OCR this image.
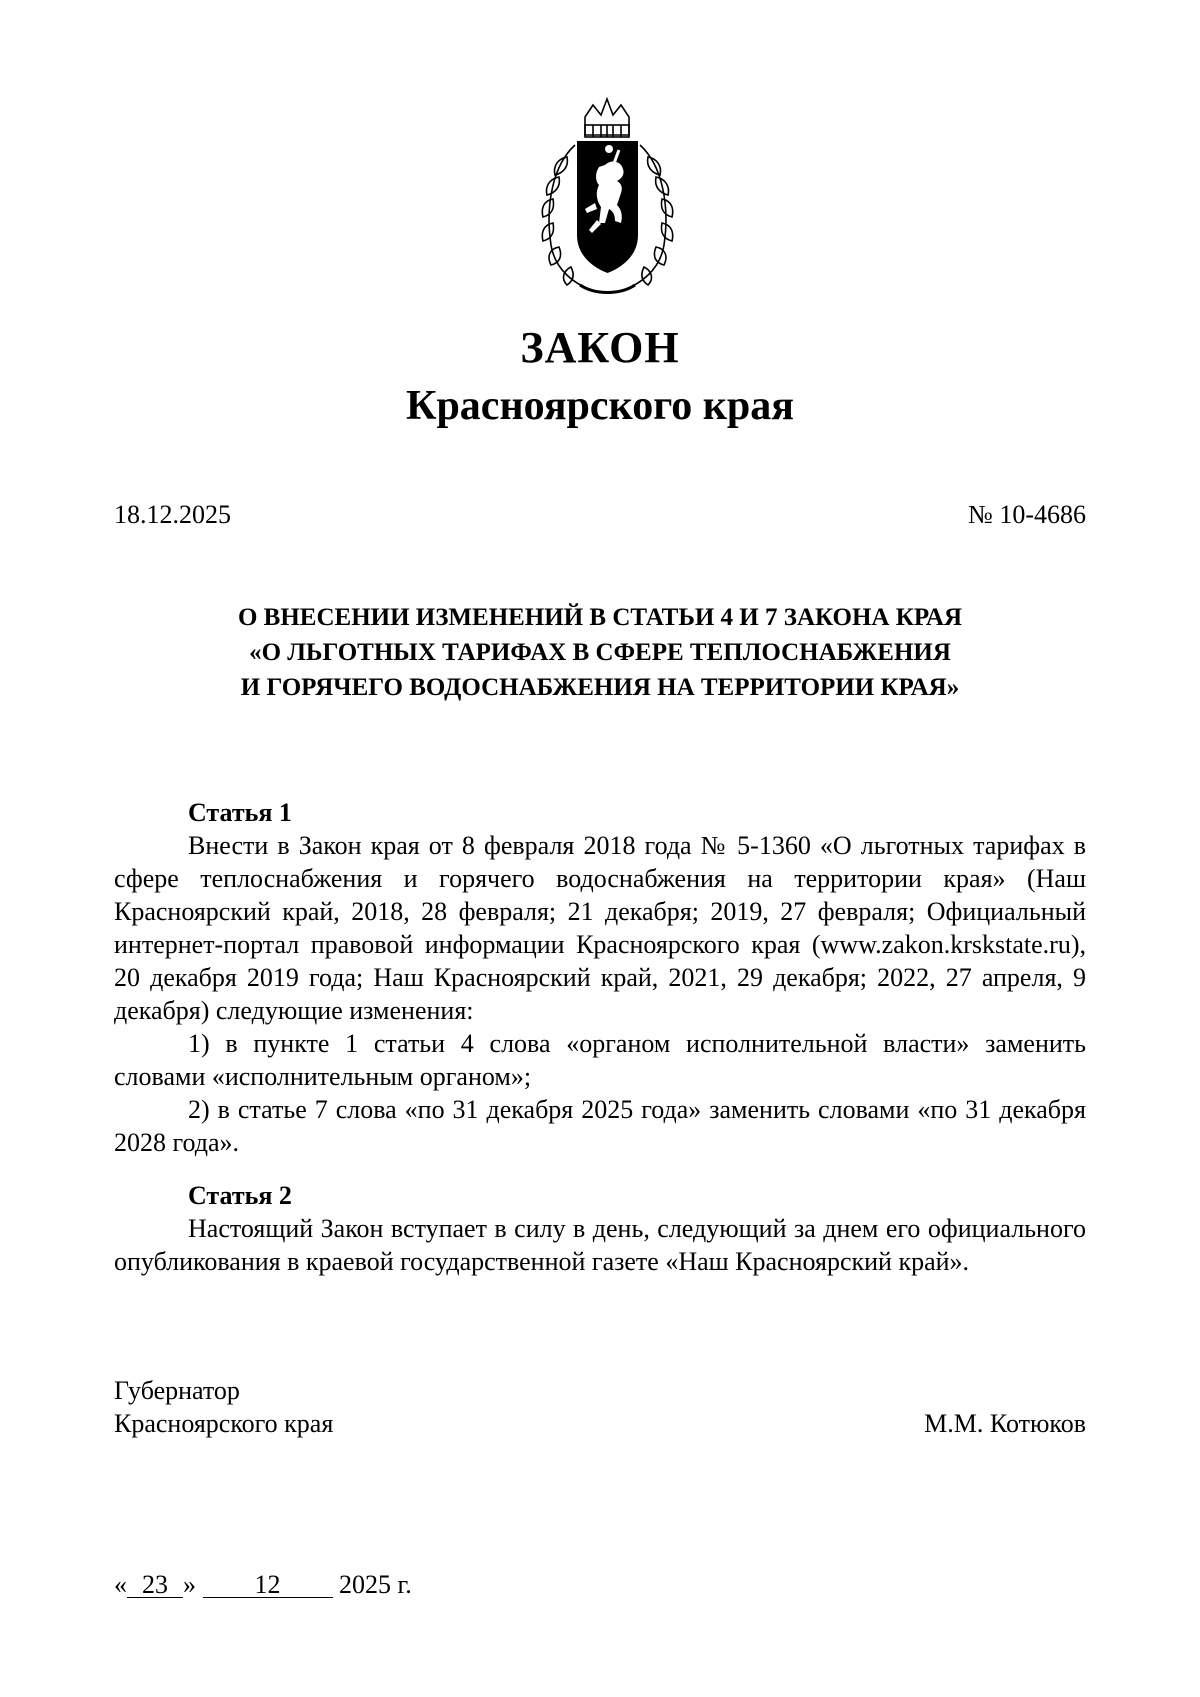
ЗАКОН
Красноярского края
18.12.2025	№ 10-4686
О ВНЕСЕНИИ ИЗМЕНЕНИЙ В СТАТЬИ 4 И 7 ЗАКОНА КРАЯ
«О ЛЬГОТНЫХ ТАРИФАХ В СФЕРЕ ТЕПЛОСНАБЖЕНИЯ
И ГОРЯЧЕГО ВОДОСНАБЖЕНИЯ НА ТЕРРИТОРИИ КРАЯ»

Статья 1

Внести в Закон края от 8 февраля 2018 года № 5-1360 «О льготных тарифах в сфере теплоснабжения и горячего водоснабжения на территории края» (Наш Красноярский край, 2018, 28 февраля; 21 декабря; 2019, 27 февраля; Официальный интернет-портал правовой информации Красноярского края (www.zakon.krskstate.ru), 20 декабря 2019 года; Наш Красноярский край, 2021, 29 декабря; 2022, 27 апреля, 9 декабря) следующие изменения:

1) в пункте 1 статьи 4 слова «органом исполнительной власти» заменить словами «исполнительным органом»;

2) в статье 7 слова «по 31 декабря 2025 года» заменить словами «по 31 декабря 2028 года».

Статья 2

Настоящий Закон вступает в силу в день, следующий за днем его официального опубликования в краевой государственной газете «Наш Красноярский край».

Губернатор
Красноярского края	М.М. Котюков
« 23 » 12 2025 г.
